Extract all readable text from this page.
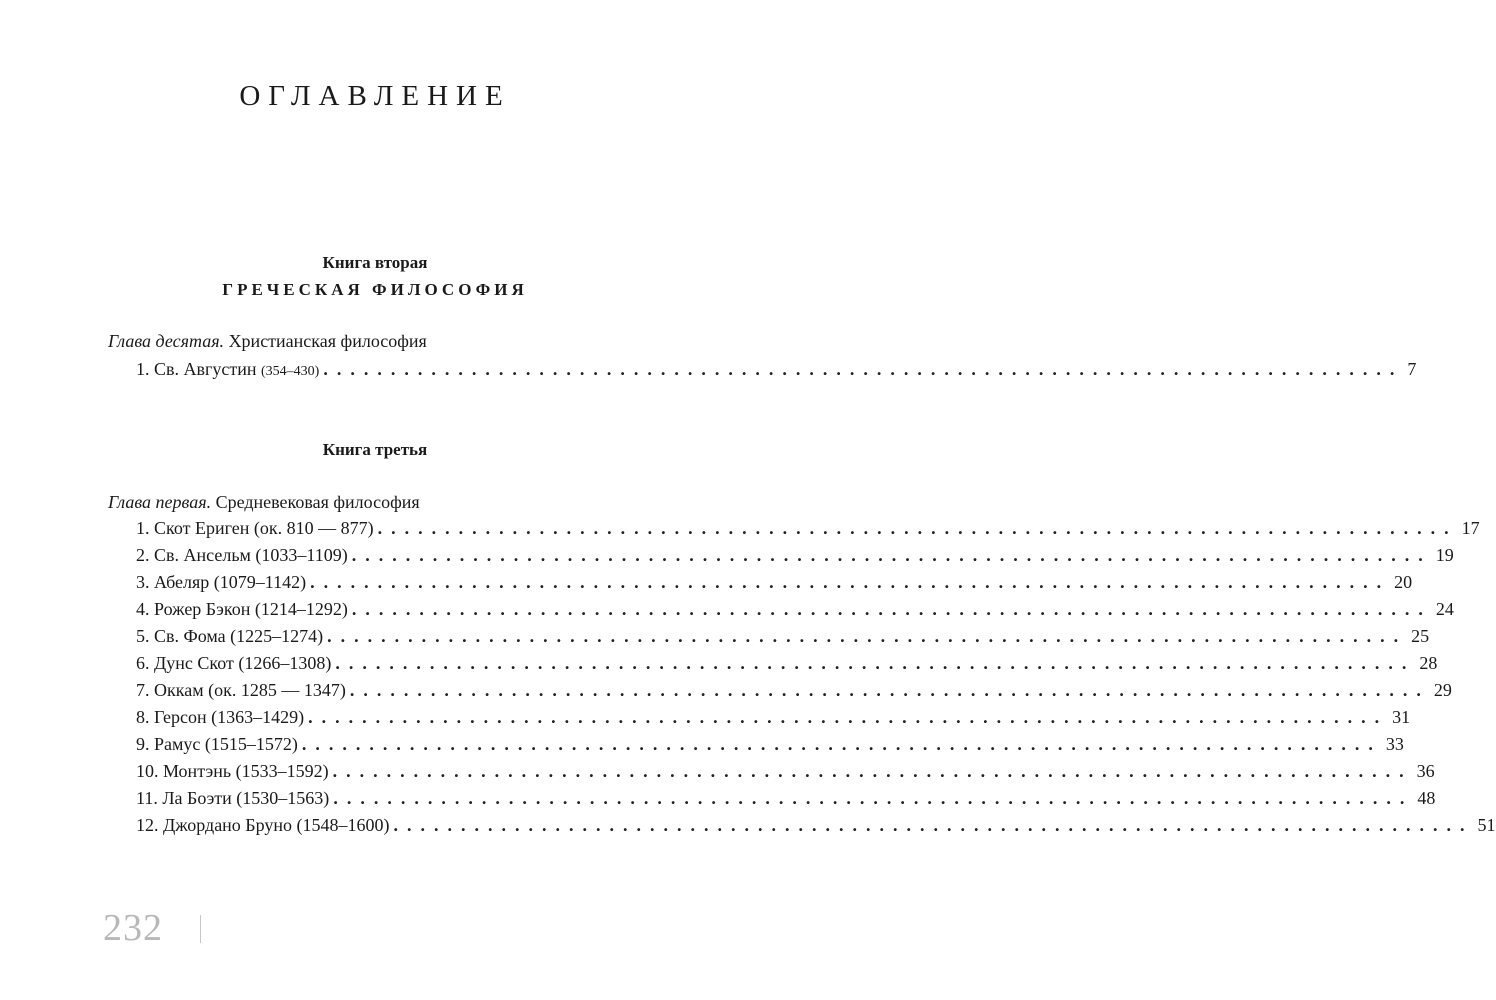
ОГЛАВЛЕНИЕ
Книга вторая
ГРЕЧЕСКАЯ ФИЛОСОФИЯ
Глава десятая. Христианская философия
1. Св. Августин (354–430) ................................................................................ 7
Книга третья
Глава первая. Средневековая философия
1. Скот Ериген (ок. 810 — 877) ................................................................................ 17
2. Св. Ансельм (1033–1109) ................................................................................ 19
3. Абеляр (1079–1142) ................................................................................ 20
4. Рожер Бэкон (1214–1292) ................................................................................ 24
5. Св. Фома (1225–1274) ................................................................................ 25
6. Дунс Скот (1266–1308) ................................................................................ 28
7. Оккам (ок. 1285 — 1347) ................................................................................ 29
8. Герсон (1363–1429) ................................................................................ 31
9. Рамус (1515–1572) ................................................................................ 33
10. Монтэнь (1533–1592) ................................................................................ 36
11. Ла Боэти (1530–1563) ................................................................................ 48
12. Джордано Бруно (1548–1600) ................................................................................ 51
232
